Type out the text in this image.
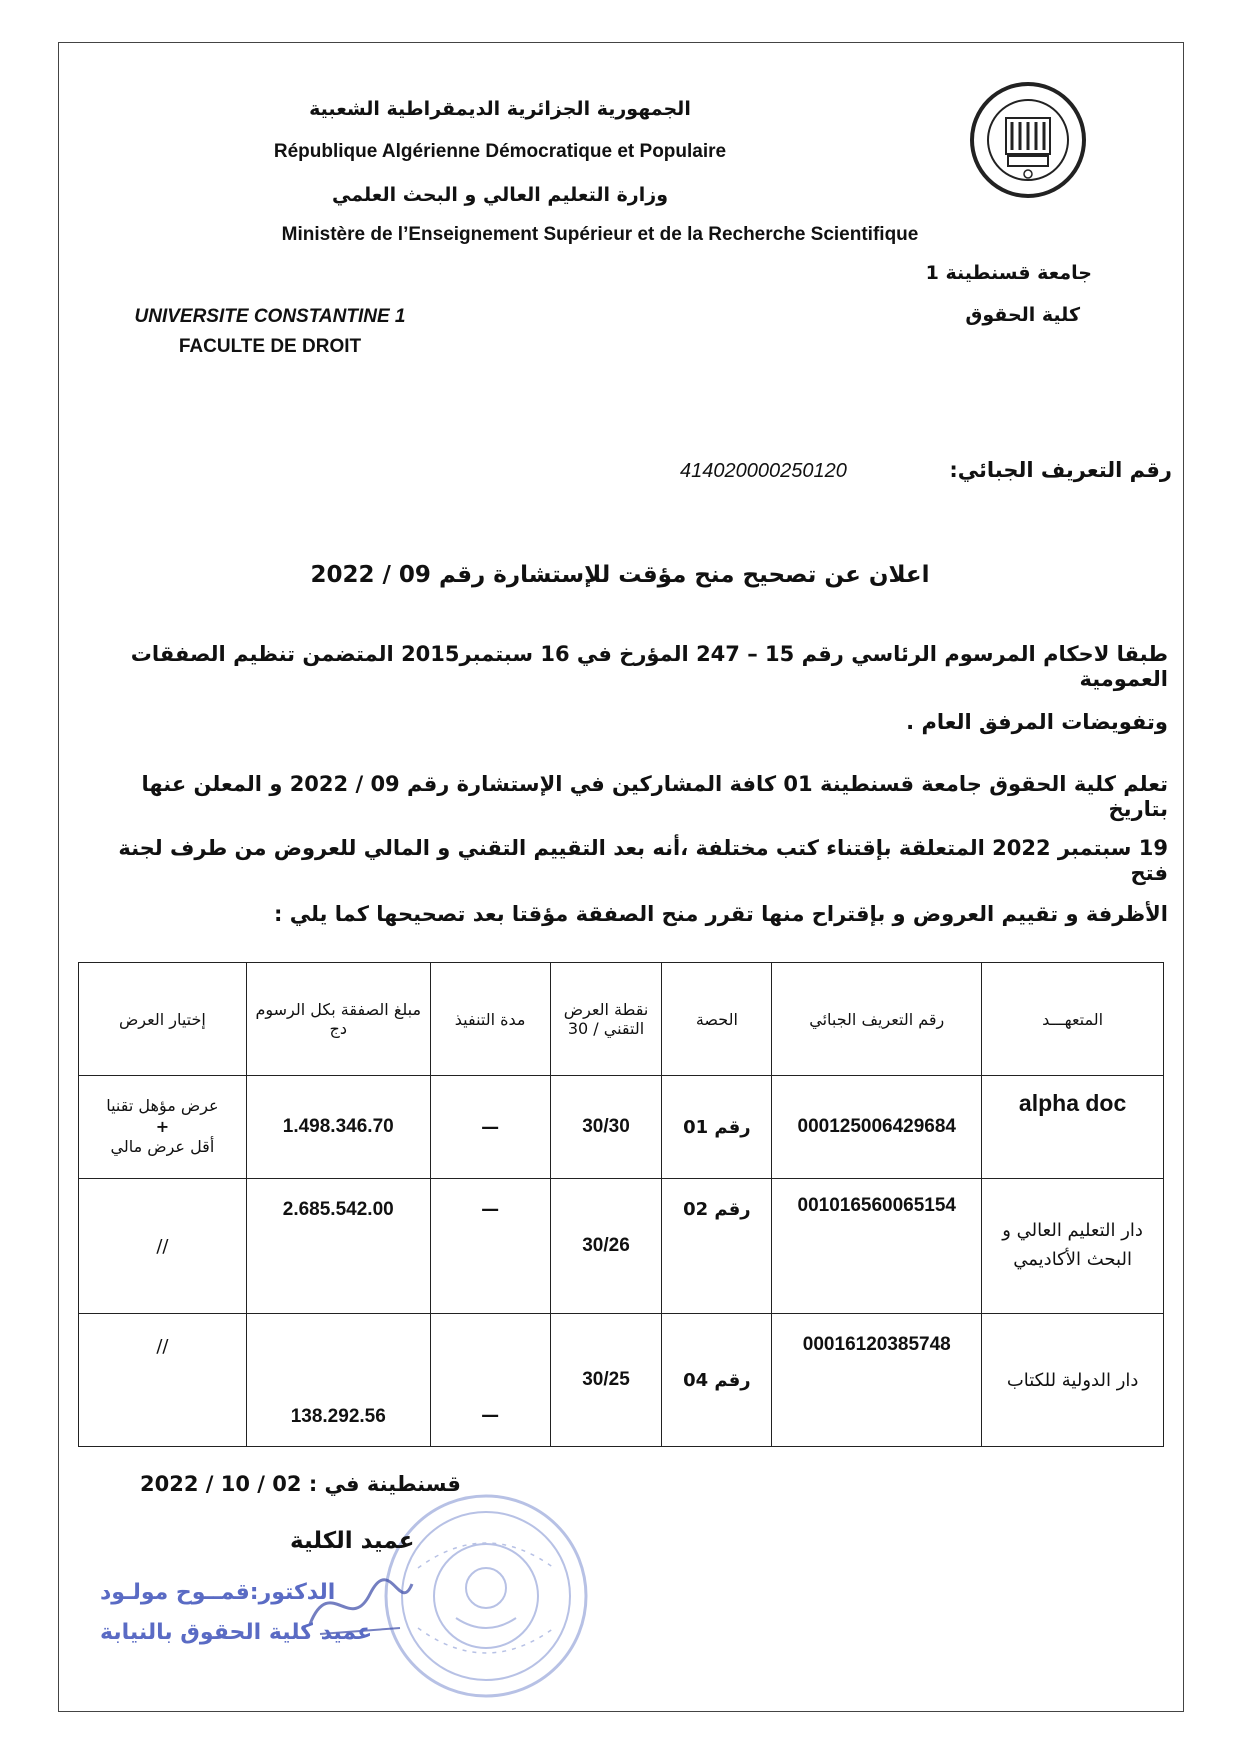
الجمهورية الجزائرية الديمقراطية الشعبية
République Algérienne Démocratique et Populaire
وزارة التعليم العالي و البحث العلمي
Ministère de l’Enseignement Supérieur et de la Recherche Scientifique
جامعة قسنطينة 1
كلية الحقوق
UNIVERSITE CONSTANTINE 1
FACULTE DE DROIT
رقم التعريف الجبائي:
414020000250120
اعلان عن تصحيح منح مؤقت للإستشارة رقم 09 / 2022
طبقا لاحكام المرسوم الرئاسي رقم 15 – 247 المؤرخ في 16 سبتمبر2015 المتضمن تنظيم الصفقات العمومية
وتفويضات المرفق العام .
تعلم كلية الحقوق جامعة قسنطينة 01 كافة المشاركين في الإستشارة رقم 09 / 2022 و المعلن عنها بتاريخ
19 سبتمبر 2022 المتعلقة بإقتناء كتب مختلفة ،أنه بعد التقييم التقني و المالي للعروض من طرف لجنة فتح
الأظرفة و تقييم العروض و بإقتراح منها تقرر منح الصفقة مؤقتا بعد تصحيحها كما يلي :
المتعهـــد	رقم التعريف الجبائي	الحصة	نقطة العرض التقني / 30	مدة التنفيذ	مبلغ الصفقة بكل الرسوم دج	إختيار العرض
alpha doc	000125006429684	رقم 01	30/30	—	1.498.346.70	عرض مؤهل تقنيا
+
أقل عرض مالي

دار التعليم العالي و البحث الأكاديمي	001016560065154	رقم 02	30/26	—	2.685.542.00	//
دار الدولية للكتاب	00016120385748	رقم 04	30/25	—	138.292.56	//
قسنطينة في : 02 / 10 / 2022
عميد الكلية
الدكتور:قمــوح مولـود
عميد كلية الحقوق بالنيابة
